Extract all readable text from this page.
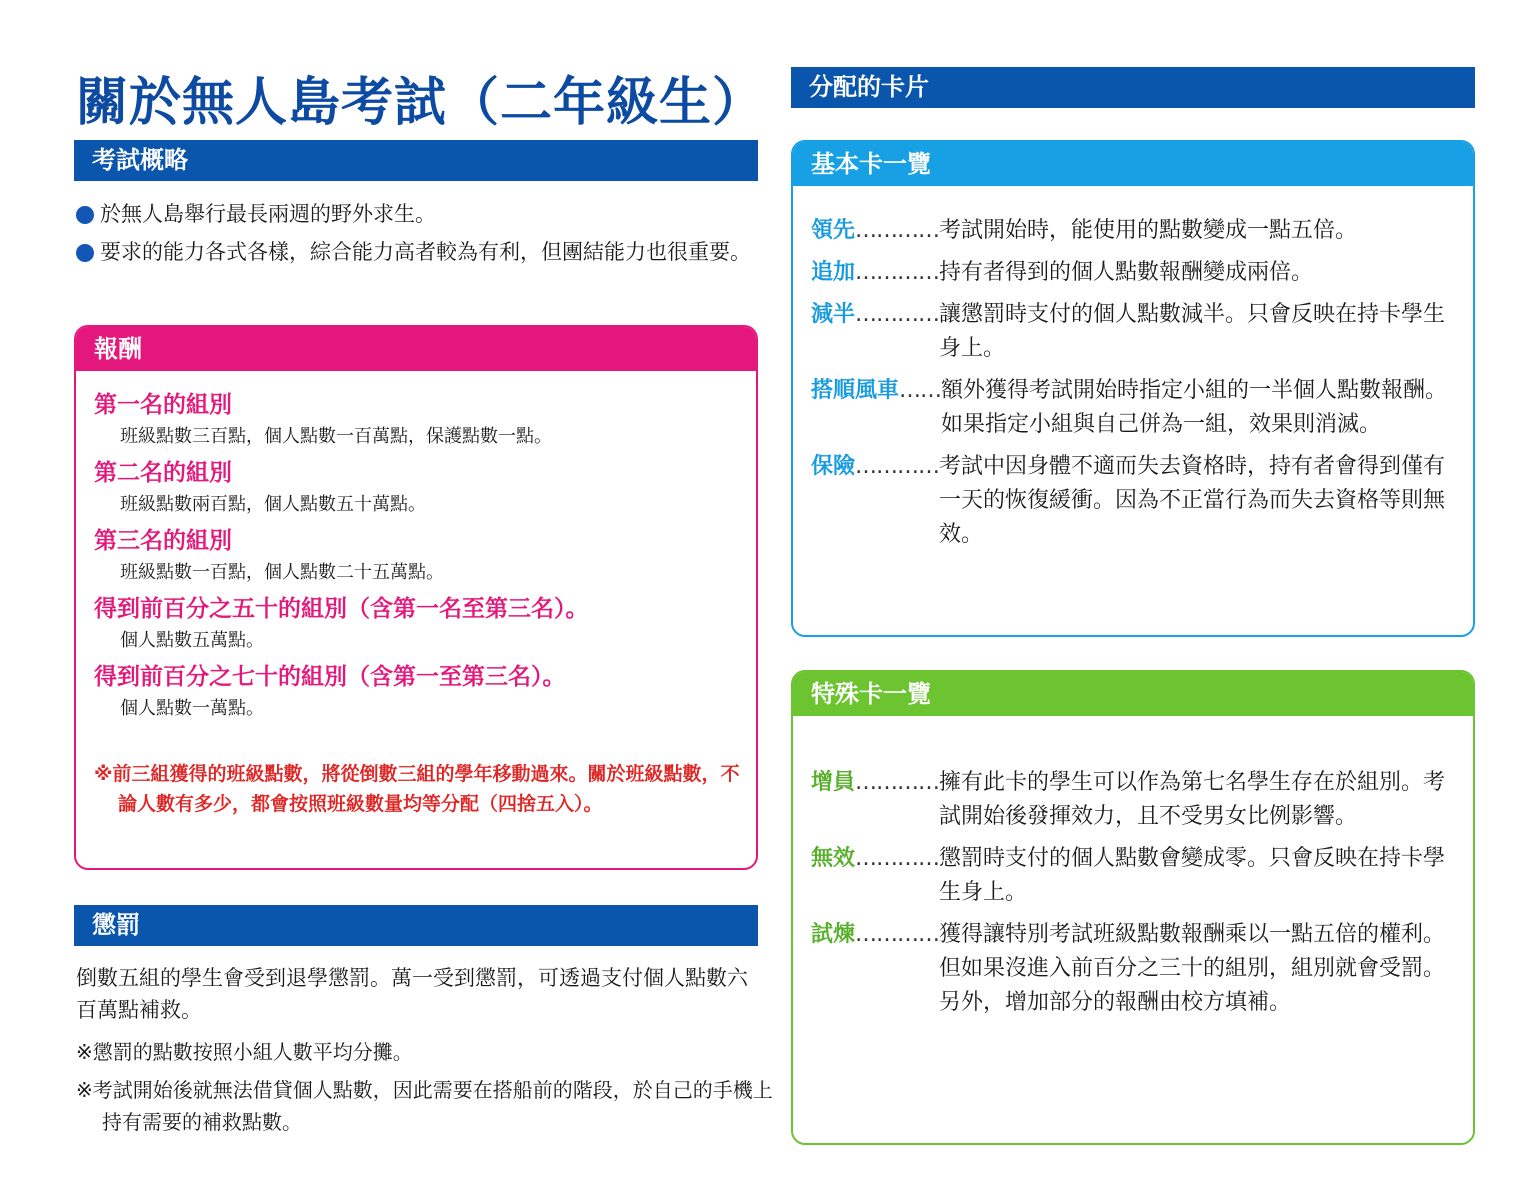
關於無人島考試（二年級生）
考試概略
於無人島舉行最長兩週的野外求生。
要求的能力各式各樣，綜合能力高者較為有利，但團結能力也很重要。
報酬

第一名的組別

班級點數三百點，個人點數一百萬點，保護點數一點。

第二名的組別

班級點數兩百點，個人點數五十萬點。

第三名的組別

班級點數一百點，個人點數二十五萬點。

得到前百分之五十的組別（含第一名至第三名）。

個人點數五萬點。

得到前百分之七十的組別（含第一至第三名）。

個人點數一萬點。

※前三組獲得的班級點數，將從倒數三組的學年移動過來。關於班級點數，不論人數有多少，都會按照班級數量均等分配（四捨五入）。

懲罰

倒數五組的學生會受到退學懲罰。萬一受到懲罰，可透過支付個人點數六百萬點補救。

※懲罰的點數按照小組人數平均分攤。

※考試開始後就無法借貸個人點數，因此需要在搭船前的階段，於自己的手機上持有需要的補救點數。

分配的卡片
基本卡一覽
領先 ………… 考試開始時，能使用的點數變成一點五倍。
追加 ………… 持有者得到的個人點數報酬變成兩倍。
減半 ………… 讓懲罰時支付的個人點數減半。只會反映在持卡學生身上。
搭順風車 …… 額外獲得考試開始時指定小組的一半個人點數報酬。如果指定小組與自己併為一組，效果則消滅。
保險 ………… 考試中因身體不適而失去資格時，持有者會得到僅有一天的恢復緩衝。因為不正當行為而失去資格等則無效。
特殊卡一覽
增員 ………… 擁有此卡的學生可以作為第七名學生存在於組別。考試開始後發揮效力，且不受男女比例影響。
無效 ………… 懲罰時支付的個人點數會變成零。只會反映在持卡學生身上。
試煉 ………… 獲得讓特別考試班級點數報酬乘以一點五倍的權利。但如果沒進入前百分之三十的組別，組別就會受罰。另外，增加部分的報酬由校方填補。
